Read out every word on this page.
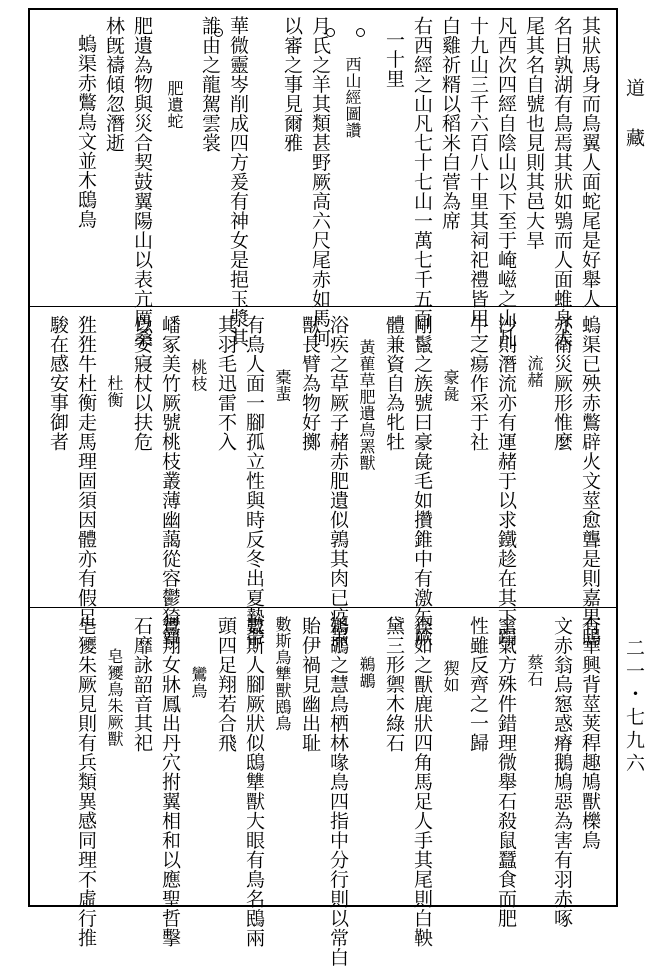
道　藏
二一・七九六
其狀馬身而鳥翼人面蛇尾是好舉人
名日孰湖有鳥焉其狀如鴞而人面蜼身犬
尾其名自號也見則其邑大旱
凡西次四經自陰山以下至于崦嵫之山凡
十九山三千六百八十里其祠祀禮皆用一
白雞祈糈以稻米白菅為席
右西經之山凡七十七山一萬七千五百
一十里
西山經圖讚
月氏之羊其類甚野厥高六尺尾赤如馬何
以審之事見爾雅
華微靈岑削成四方爰有神女是挹玉漿其
誰由之龍駕雲裳
肥遺蛇
肥遺為物與災合契鼓翼陽山以表亢厲桑
林旣禱傾忽潛逝
螐渠赤鷩鳥文並木鴟鳥
螐渠已殃赤鷩辟火文莖愈聾是則嘉果鴟
亦衛災厥形惟麼
流赭
沙則潛流亦有運赭于以求鐵趁在其下蹋
牛之瘍作采于社
豪彘
剛鬣之族號曰豪彘毛如攢錐中有激矢厥
體兼資自為牝牡
黃雚草肥遺鳥罴獸
浴疾之草厥子赭赤肥遺似鶉其肉已疫罴
獸長臂為物好擲
橐蜚
有鳥人面一腳孤立性與時反冬出夏蟄帶
其羽毛迅雷不入
桃枝
嶓冢美竹厥號桃枝叢薄幽藹從容鬱猗簟
以安寢杖以扶危
杜衡
狌狌牛杜衡走馬理固須因體亦有假足
駿在感安事御者
有華興背莖荚稈趣鳩獸櫟鳥
文赤翁烏惌惑瘠鵝鳩惡為害有羽赤啄
蔡石
窯氣方殊件錯理微舉石殺鼠蠶食而肥
性雖反齊之一歸
猰如
猰如之獸鹿狀四角馬足人手其尾則白鞅
黛三形禦木綠石
鵜鶘
鵜鶘之慧鳥栖林喙鳥四指中分行則以常白
貽伊禍見幽出耻
數斯鳥犨獸鴖鳥
數斯人腳厥狀似鴟犨獸大眼有鳥名鴖兩
頭四足翔若合飛
鸞鳥
鸞翔女牀鳳出丹穴拊翼相和以應聖哲擊
石靡詠韶音其祀
皂獿鳥朱厥獸
皂獿朱厥見則有兵類異感同理不虛行推
